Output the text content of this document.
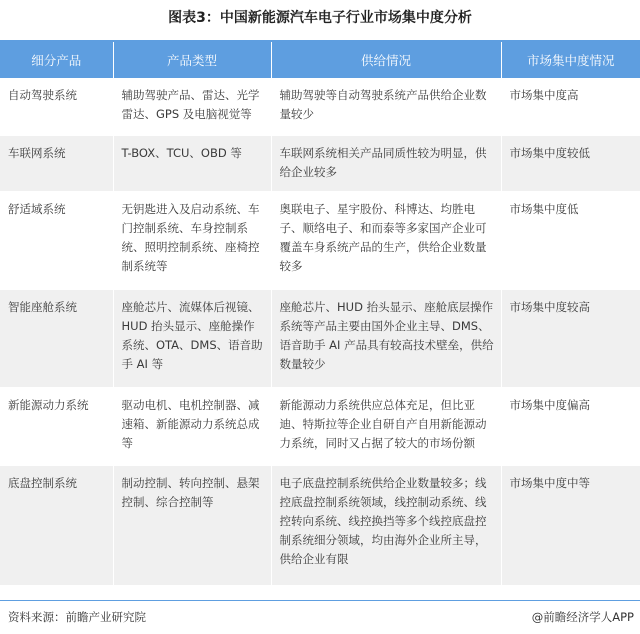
图表3：中国新能源汽车电子行业市场集中度分析
细分产品	产品类型	供给情况	市场集中度情况
自动驾驶系统	辅助驾驶产品、雷达、光学雷达、GPS 及电脑视觉等	辅助驾驶等自动驾驶系统产品供给企业数量较少	市场集中度高
车联网系统	T-BOX、TCU、OBD 等	车联网系统相关产品同质性较为明显，供给企业较多	市场集中度较低
舒适域系统	无钥匙进入及启动系统、车门控制系统、车身控制系统、照明控制系统、座椅控制系统等	奥联电子、星宇股份、科博达、均胜电子、顺络电子、和而泰等多家国产企业可覆盖车身系统产品的生产，供给企业数量较多	市场集中度低
智能座舱系统	座舱芯片、流媒体后视镜、HUD 抬头显示、座舱操作系统、OTA、DMS、语音助手 AI 等	座舱芯片、HUD 抬头显示、座舱底层操作系统等产品主要由国外企业主导、DMS、语音助手 AI 产品具有较高技术壁垒，供给数量较少	市场集中度较高
新能源动力系统	驱动电机、电机控制器、减速箱、新能源动力系统总成等	新能源动力系统供应总体充足，但比亚迪、特斯拉等企业自研自产自用新能源动力系统，同时又占据了较大的市场份额	市场集中度偏高
底盘控制系统	制动控制、转向控制、悬架控制、综合控制等	电子底盘控制系统供给企业数量较多；线控底盘控制系统领域，线控制动系统、线控转向系统、线控换挡等多个线控底盘控制系统细分领域，均由海外企业所主导，供给企业有限	市场集中度中等
资料来源：前瞻产业研究院	@前瞻经济学人APP
